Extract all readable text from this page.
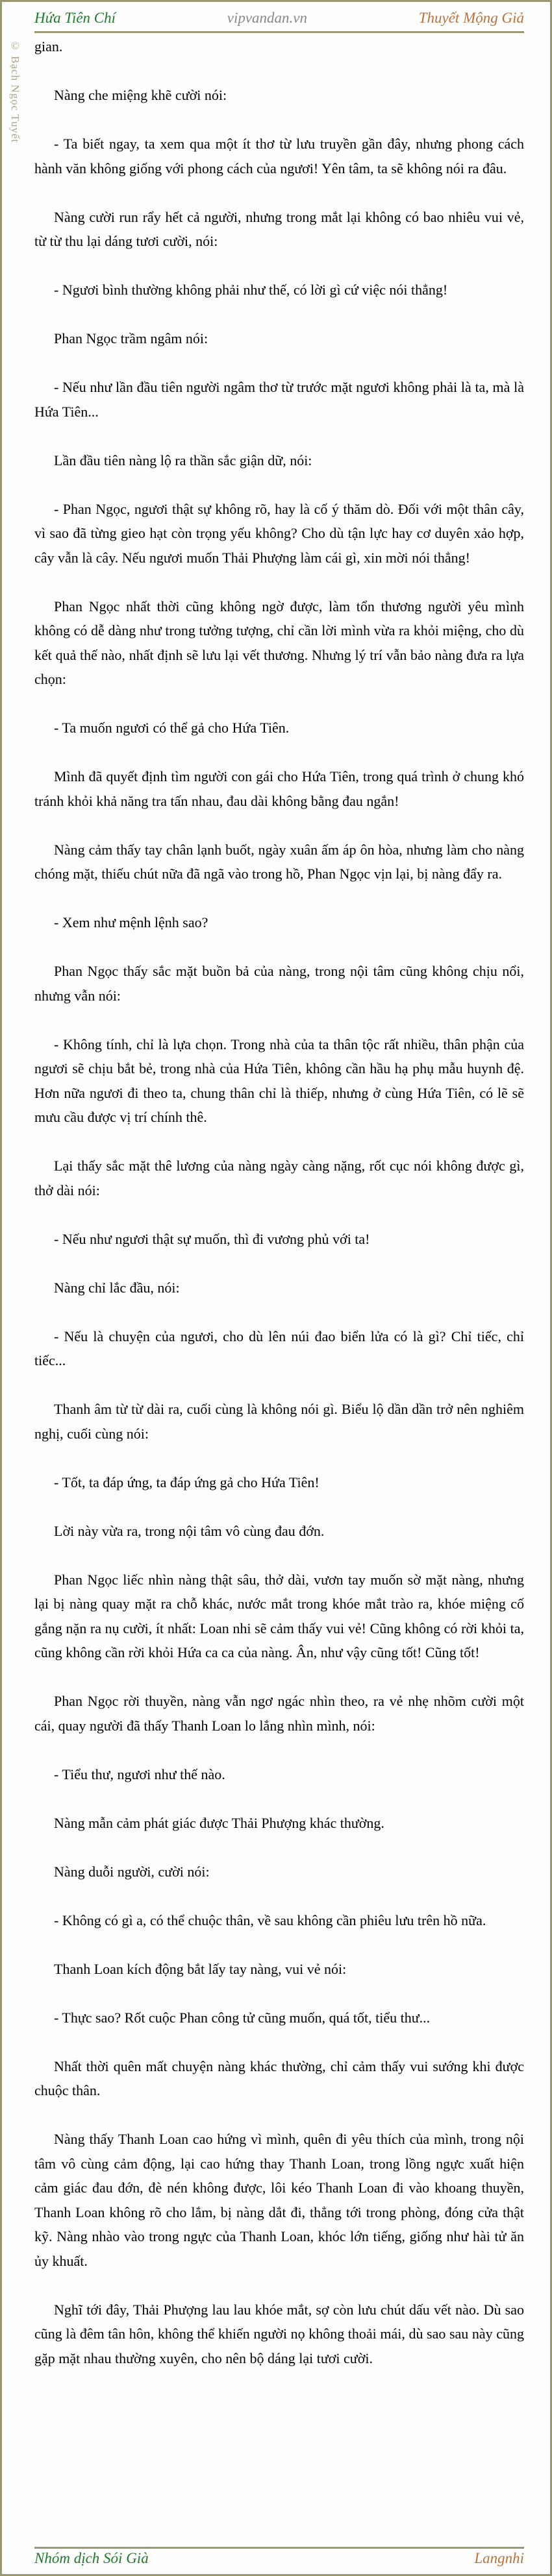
Hứa Tiên Chí	vipvandan.vn	Thuyết Mộng Giả
© Bạch Ngọc Tuyết gian.

Nàng che miệng khẽ cười nói:

- Ta biết ngay, ta xem qua một ít thơ từ lưu truyền gần đây, nhưng phong cách hành văn không giống với phong cách của ngươi! Yên tâm, ta sẽ không nói ra đâu.

Nàng cười run rẩy hết cả người, nhưng trong mắt lại không có bao nhiêu vui vẻ, từ từ thu lại dáng tươi cười, nói:

- Ngươi bình thường không phải như thế, có lời gì cứ việc nói thẳng!

Phan Ngọc trầm ngâm nói:

- Nếu như lần đầu tiên người ngâm thơ từ trước mặt ngươi không phải là ta, mà là Hứa Tiên...

Lần đầu tiên nàng lộ ra thần sắc giận dữ, nói:

- Phan Ngọc, ngươi thật sự không rõ, hay là cố ý thăm dò. Đối với một thân cây, vì sao đã từng gieo hạt còn trọng yếu không? Cho dù tận lực hay cơ duyên xảo hợp, cây vẫn là cây. Nếu ngươi muốn Thải Phượng làm cái gì, xin mời nói thẳng!

Phan Ngọc nhất thời cũng không ngờ được, làm tổn thương người yêu mình không có dễ dàng như trong tưởng tượng, chỉ cần lời mình vừa ra khỏi miệng, cho dù kết quả thế nào, nhất định sẽ lưu lại vết thương. Nhưng lý trí vẫn bảo nàng đưa ra lựa chọn:

- Ta muốn ngươi có thể gả cho Hứa Tiên.

Mình đã quyết định tìm người con gái cho Hứa Tiên, trong quá trình ở chung khó tránh khỏi khả năng tra tấn nhau, đau dài không bằng đau ngắn!

Nàng cảm thấy tay chân lạnh buốt, ngày xuân ấm áp ôn hòa, nhưng làm cho nàng chóng mặt, thiếu chút nữa đã ngã vào trong hồ, Phan Ngọc vịn lại, bị nàng đẩy ra.

- Xem như mệnh lệnh sao?

Phan Ngọc thấy sắc mặt buồn bả của nàng, trong nội tâm cũng không chịu nổi, nhưng vẫn nói:

- Không tính, chỉ là lựa chọn. Trong nhà của ta thân tộc rất nhiều, thân phận của ngươi sẽ chịu bắt bẻ, trong nhà của Hứa Tiên, không cần hầu hạ phụ mẫu huynh đệ. Hơn nữa ngươi đi theo ta, chung thân chỉ là thiếp, nhưng ở cùng Hứa Tiên, có lẽ sẽ mưu cầu được vị trí chính thê.

Lại thấy sắc mặt thê lương của nàng ngày càng nặng, rốt cục nói không được gì, thở dài nói:

- Nếu như ngươi thật sự muốn, thì đi vương phủ với ta!

Nàng chỉ lắc đầu, nói:

- Nếu là chuyện của ngươi, cho dù lên núi đao biển lửa có là gì? Chỉ tiếc, chỉ tiếc...

Thanh âm từ từ dài ra, cuối cùng là không nói gì. Biểu lộ dần dần trở nên nghiêm nghị, cuối cùng nói:

- Tốt, ta đáp ứng, ta đáp ứng gả cho Hứa Tiên!

Lời này vừa ra, trong nội tâm vô cùng đau đớn.

Phan Ngọc liếc nhìn nàng thật sâu, thở dài, vươn tay muốn sờ mặt nàng, nhưng lại bị nàng quay mặt ra chỗ khác, nước mắt trong khóe mắt trào ra, khóe miệng cố gắng nặn ra nụ cười, ít nhất: Loan nhi sẽ cảm thấy vui vẻ! Cũng không có rời khỏi ta, cũng không cần rời khỏi Hứa ca ca của nàng. Ân, như vậy cũng tốt! Cũng tốt!

Phan Ngọc rời thuyền, nàng vẫn ngơ ngác nhìn theo, ra vẻ nhẹ nhõm cười một cái, quay người đã thấy Thanh Loan lo lắng nhìn mình, nói:

- Tiểu thư, ngươi như thế nào.

Nàng mẫn cảm phát giác được Thải Phượng khác thường.

Nàng duỗi người, cười nói:

- Không có gì a, có thể chuộc thân, về sau không cần phiêu lưu trên hồ nữa.

Thanh Loan kích động bắt lấy tay nàng, vui vẻ nói:

- Thực sao? Rốt cuộc Phan công tử cũng muốn, quá tốt, tiểu thư...

Nhất thời quên mất chuyện nàng khác thường, chỉ cảm thấy vui sướng khi được chuộc thân.

Nàng thấy Thanh Loan cao hứng vì mình, quên đi yêu thích của mình, trong nội tâm vô cùng cảm động, lại cao hứng thay Thanh Loan, trong lồng ngực xuất hiện cảm giác đau đớn, đè nén không được, lôi kéo Thanh Loan đi vào khoang thuyền, Thanh Loan không rõ cho lắm, bị nàng dắt đi, thẳng tới trong phòng, đóng cửa thật kỹ. Nàng nhào vào trong ngực của Thanh Loan, khóc lớn tiếng, giống như hài tử ăn ủy khuất.

Nghĩ tới đây, Thải Phượng lau lau khóe mắt, sợ còn lưu chút dấu vết nào. Dù sao cũng là đêm tân hôn, không thể khiến người nọ không thoải mái, dù sao sau này cũng gặp mặt nhau thường xuyên, cho nên bộ dáng lại tươi cười.

Nhóm dịch Sói Già	Langnhi
